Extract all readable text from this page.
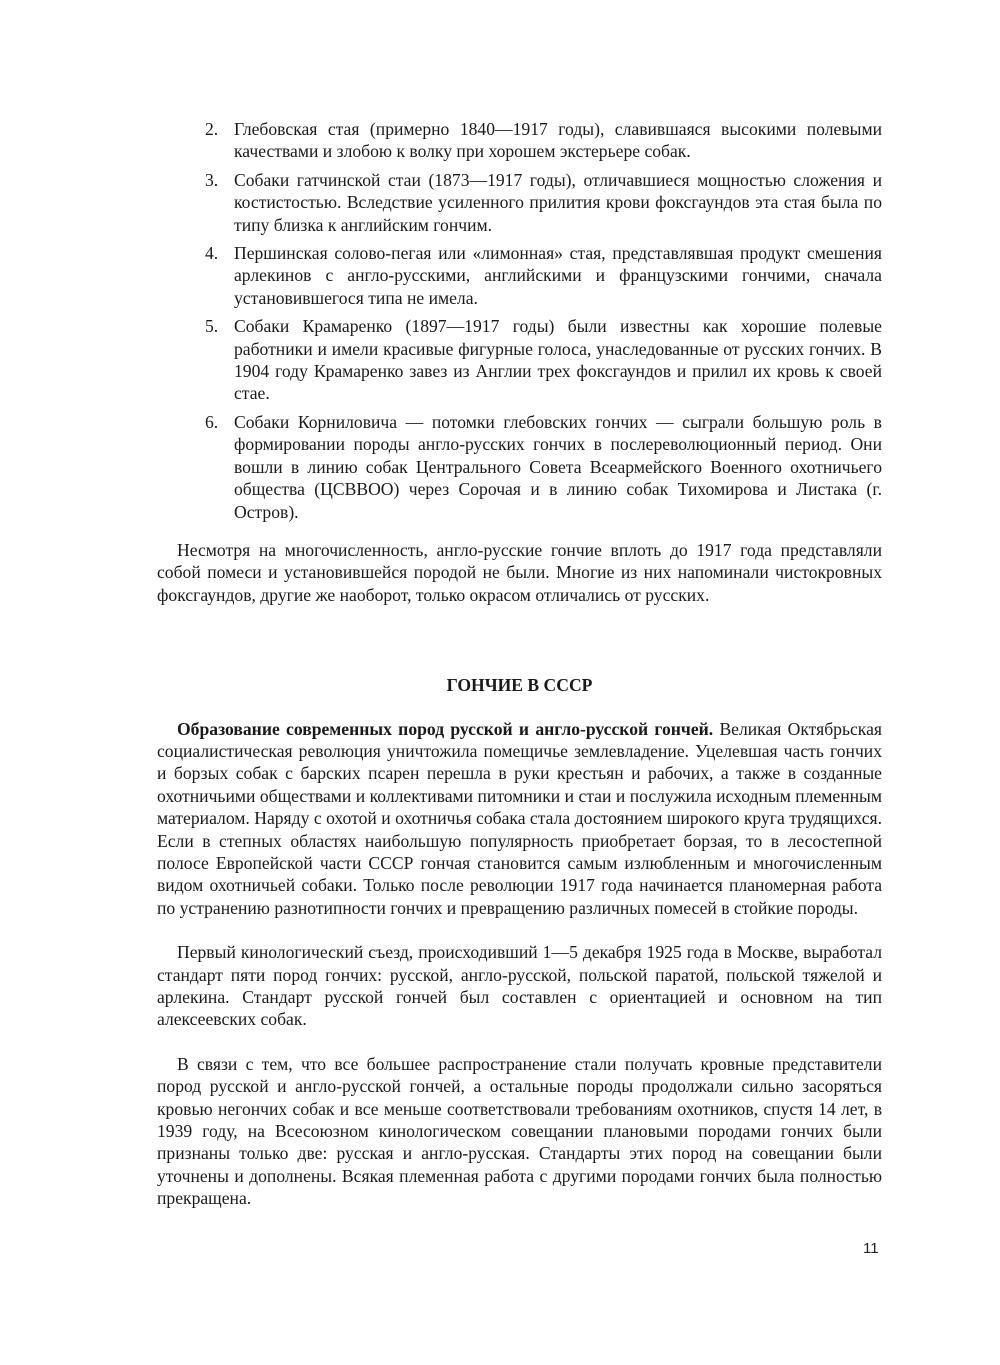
2. Глебовская стая (примерно 1840—1917 годы), славившаяся высокими полевыми качествами и злобою к волку при хорошем экстерьере собак.
3. Собаки гатчинской стаи (1873—1917 годы), отличавшиеся мощностью сложения и костистостью. Вследствие усиленного прилития крови фоксгаундов эта стая была по типу близка к английским гончим.
4. Першинская солово-пегая или «лимонная» стая, представлявшая продукт смешения арлекинов с англо-русскими, английскими и французскими гончими, сначала установившегося типа не имела.
5. Собаки Крамаренко (1897—1917 годы) были известны как хорошие полевые работники и имели красивые фигурные голоса, унаследованные от русских гончих. В 1904 году Крамаренко завез из Англии трех фоксгаундов и прилил их кровь к своей стае.
6. Собаки Корниловича — потомки глебовских гончих — сыграли большую роль в формировании породы англо-русских гончих в послереволюционный период. Они вошли в линию собак Центрального Совета Всеармейского Военного охотничьего общества (ЦСВВОО) через Сорочая и в линию собак Тихомирова и Листака (г. Остров).

Несмотря на многочисленность, англо-русские гончие вплоть до 1917 года представляли собой помеси и установившейся породой не были. Многие из них напоминали чистокровных фоксгаундов, другие же наоборот, только окрасом отличались от русских.

ГОНЧИЕ В СССР

Образование современных пород русской и англо-русской гончей. Великая Октябрьская социалистическая революция уничтожила помещичье землевладение. Уцелевшая часть гончих и борзых собак с барских псарен перешла в руки крестьян и рабочих, а также в созданные охотничьими обществами и коллективами питомники и стаи и послужила исходным племенным материалом. Наряду с охотой и охотничья собака стала достоянием широкого круга трудящихся. Если в степных областях наибольшую популярность приобретает борзая, то в лесостепной полосе Европейской части СССР гончая становится самым излюбленным и многочисленным видом охотничьей собаки. Только после революции 1917 года начинается планомерная работа по устранению разнотипности гончих и превращению различных помесей в стойкие породы.

Первый кинологический съезд, происходивший 1—5 декабря 1925 года в Москве, выработал стандарт пяти пород гончих: русской, англо-русской, польской паратой, польской тяжелой и арлекина. Стандарт русской гончей был составлен с ориентацией и основном на тип алексеевских собак.

В связи с тем, что все большее распространение стали получать кровные представители пород русской и англо-русской гончей, а остальные породы продолжали сильно засоряться кровью негончих собак и все меньше соответствовали требованиям охотников, спустя 14 лет, в 1939 году, на Всесоюзном кинологическом совещании плановыми породами гончих были признаны только две: русская и англо-русская. Стандарты этих пород на совещании были уточнены и дополнены. Всякая племенная работа с другими породами гончих была полностью прекращена.

11
